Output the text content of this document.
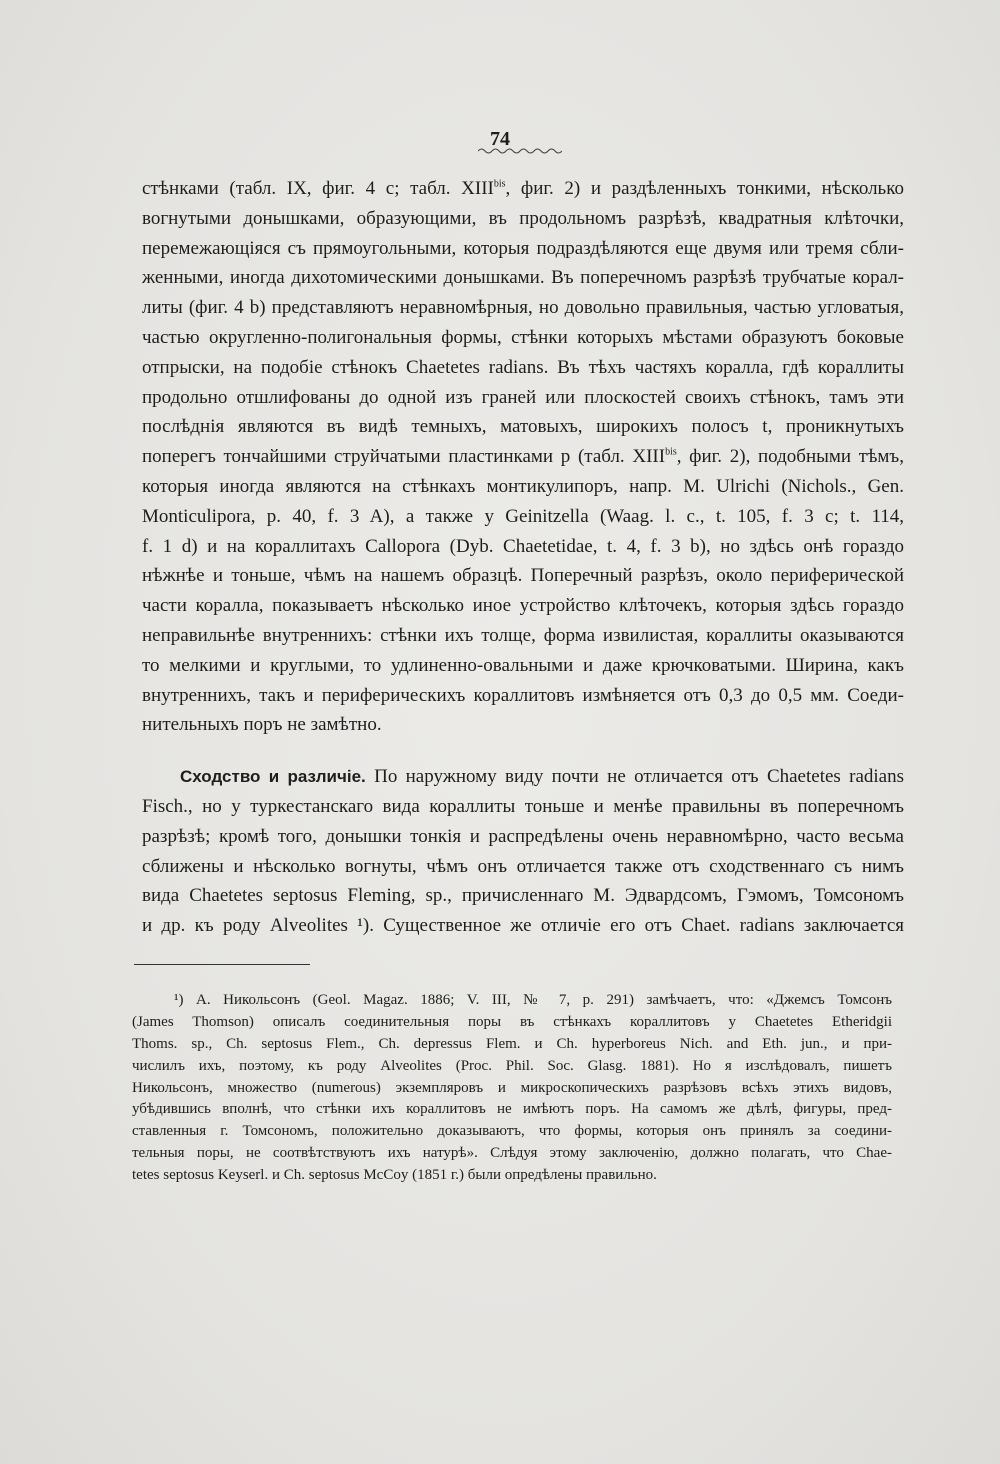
74
стѣнками (табл. IX, фиг. 4 c; табл. $XIII^{bis}$, фиг. 2) и раздѣленныхъ тонкими, нѣсколько
вогнутыми донышками, образующими, въ продольномъ разрѣзѣ, квадратныя клѣточки,
перемежающіяся съ прямоугольными, которыя подраздѣляются еще двумя или тремя сбли-
женными, иногда дихотомическими донышками. Въ поперечномъ разрѣзѣ трубчатые корал-
литы (фиг. 4 b) представляютъ неравномѣрныя, но довольно правильныя, частью угловатыя,
частью округленно-полигональныя формы, стѣнки которыхъ мѣстами образуютъ боковые
отпрыски, на подобіе стѣнокъ Chaetetes radians. Въ тѣхъ частяхъ коралла, гдѣ кораллиты
продольно отшлифованы до одной изъ граней или плоскостей своихъ стѣнокъ, тамъ эти
послѣднія являются въ видѣ темныхъ, матовыхъ, широкихъ полосъ t, проникнутыхъ
поперегъ тончайшими струйчатыми пластинками p (табл. $XIII^{bis}$, фиг. 2), подобными тѣмъ,
которыя иногда являются на стѣнкахъ монтикулипоръ, напр. M. Ulrichi (Nichols., Gen.
Monticulipora, p. 40, f. 3 A), а также у Geinitzella (Waag. l. c., t. 105, f. 3 c; t. 114,
f. 1 d) и на кораллитахъ Callopora (Dyb. Chaetetidae, t. 4, f. 3 b), но здѣсь онѣ гораздо
нѣжнѣе и тоньше, чѣмъ на нашемъ образцѣ. Поперечный разрѣзъ, около периферической
части коралла, показываетъ нѣсколько иное устройство клѣточекъ, которыя здѣсь гораздо
неправильнѣе внутреннихъ: стѣнки ихъ толще, форма извилистая, кораллиты оказываются
то мелкими и круглыми, то удлиненно-овальными и даже крючковатыми. Ширина, какъ
внутреннихъ, такъ и периферическихъ кораллитовъ измѣняется отъ 0,3 до 0,5 мм. Соеди-
нительныхъ поръ не замѣтно.
Сходство и различіе. По наружному виду почти не отличается отъ Chaetetes radians
Fisch., но у туркестанскаго вида кораллиты тоньше и менѣе правильны въ поперечномъ
разрѣзѣ; кромѣ того, донышки тонкія и распредѣлены очень неравномѣрно, часто весьма
сближены и нѣсколько вогнуты, чѣмъ онъ отличается также отъ сходственнаго съ нимъ
вида Chaetetes septosus Fleming, sp., причисленнаго М. Эдвардсомъ, Гэмомъ, Томсономъ
и др. къ роду Alveolites ¹). Существенное же отличіе его отъ Chaet. radians заключается
¹) А. Никольсонъ (Geol. Magaz. 1886; V. III, № 7, p. 291) замѣчаетъ, что: «Джемсъ Томсонъ
(James Thomson) описалъ соединительныя поры въ стѣнкахъ кораллитовъ у Chaetetes Etheridgii
Thoms. sp., Ch. septosus Flem., Ch. depressus Flem. и Ch. hyperboreus Nich. and Eth. jun., и при-
числилъ ихъ, поэтому, къ роду Alveolites (Proc. Phil. Soc. Glasg. 1881). Но я изслѣдовалъ, пишетъ
Никольсонъ, множество (numerous) экземпляровъ и микроскопическихъ разрѣзовъ всѣхъ этихъ видовъ,
убѣдившись вполнѣ, что стѣнки ихъ кораллитовъ не имѣютъ поръ. На самомъ же дѣлѣ, фигуры, пред-
ставленныя г. Томсономъ, положительно доказываютъ, что формы, которыя онъ принялъ за соедини-
тельныя поры, не соотвѣтствуютъ ихъ натурѣ». Слѣдуя этому заключенію, должно полагать, что Chae-
tetes septosus Keyserl. и Ch. septosus McCoy (1851 г.) были опредѣлены правильно.
